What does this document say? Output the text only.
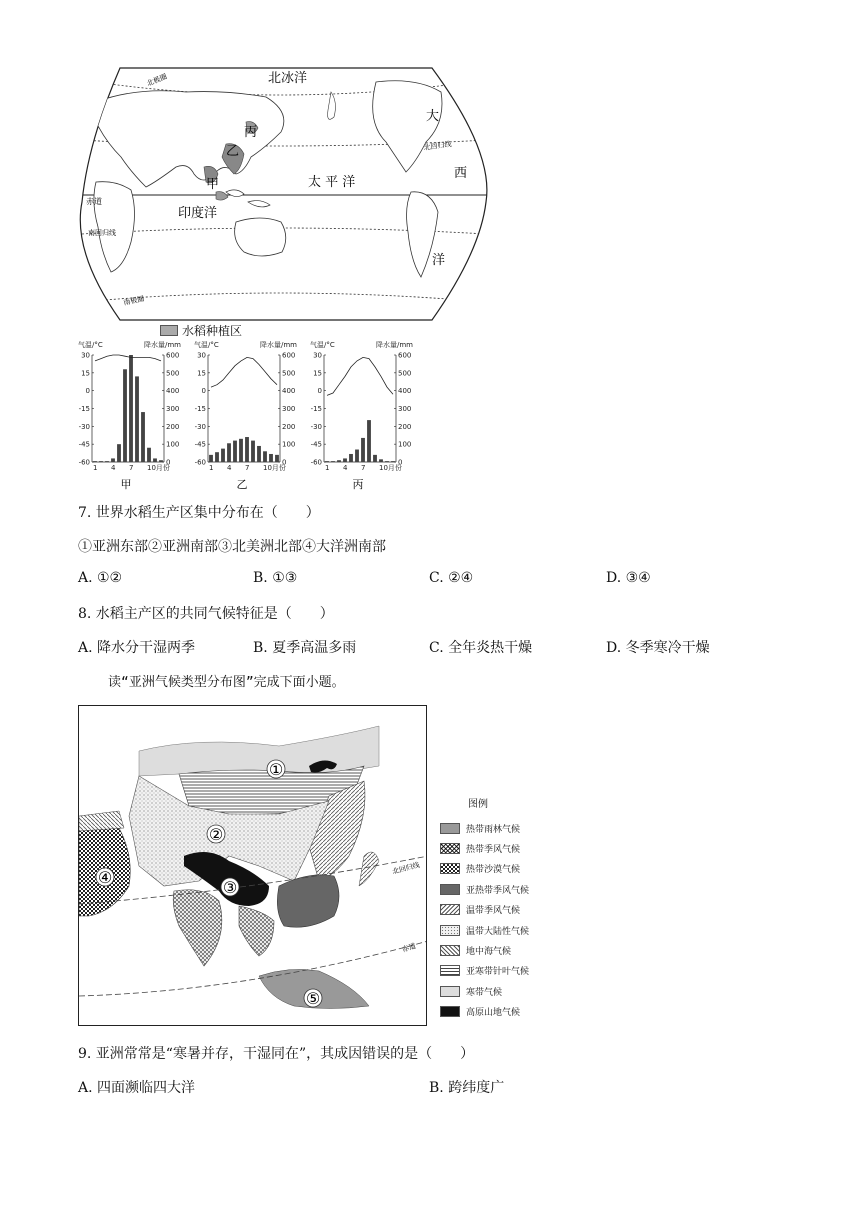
北冰洋
北极圈
北回归线
赤道
南回归线
南极圈
太 平 洋
印度洋
大
西
洋
甲
乙
丙
水稻种植区
气温/°C	降水量/mm
30
15
0
-15
-30
-45
-60
600
500
400
300
200
100
0
1 4 7 10月份
甲
气温/°C	降水量/mm
30
15
0
-15
-30
-45
-60
600
500
400
300
200
100
0
1 4 7 10月份
乙
气温/°C	降水量/mm
30
15
0
-15
-30
-45
-60
600
500
400
300
200
100
0
1 4 7 10月份
丙
7. 世界水稻生产区集中分布在（　　）
①亚洲东部②亚洲南部③北美洲北部④大洋洲南部
A. ①②	B. ①③	C. ②④	D. ③④
8. 水稻主产区的共同气候特征是（　　）
A. 降水分干湿两季	B. 夏季高温多雨	C. 全年炎热干燥	D. 冬季寒冷干燥
读“亚洲气候类型分布图”完成下面小题。
北回归线
赤道
①
②
③
④
⑤
图例
热带雨林气候
热带季风气候
热带沙漠气候
亚热带季风气候
温带季风气候
温带大陆性气候
地中海气候
亚寒带针叶气候
寒带气候
高原山地气候
9. 亚洲常常是“寒暑并存，干湿同在”，其成因错误的是（　　）
A. 四面濒临四大洋	B. 跨纬度广
